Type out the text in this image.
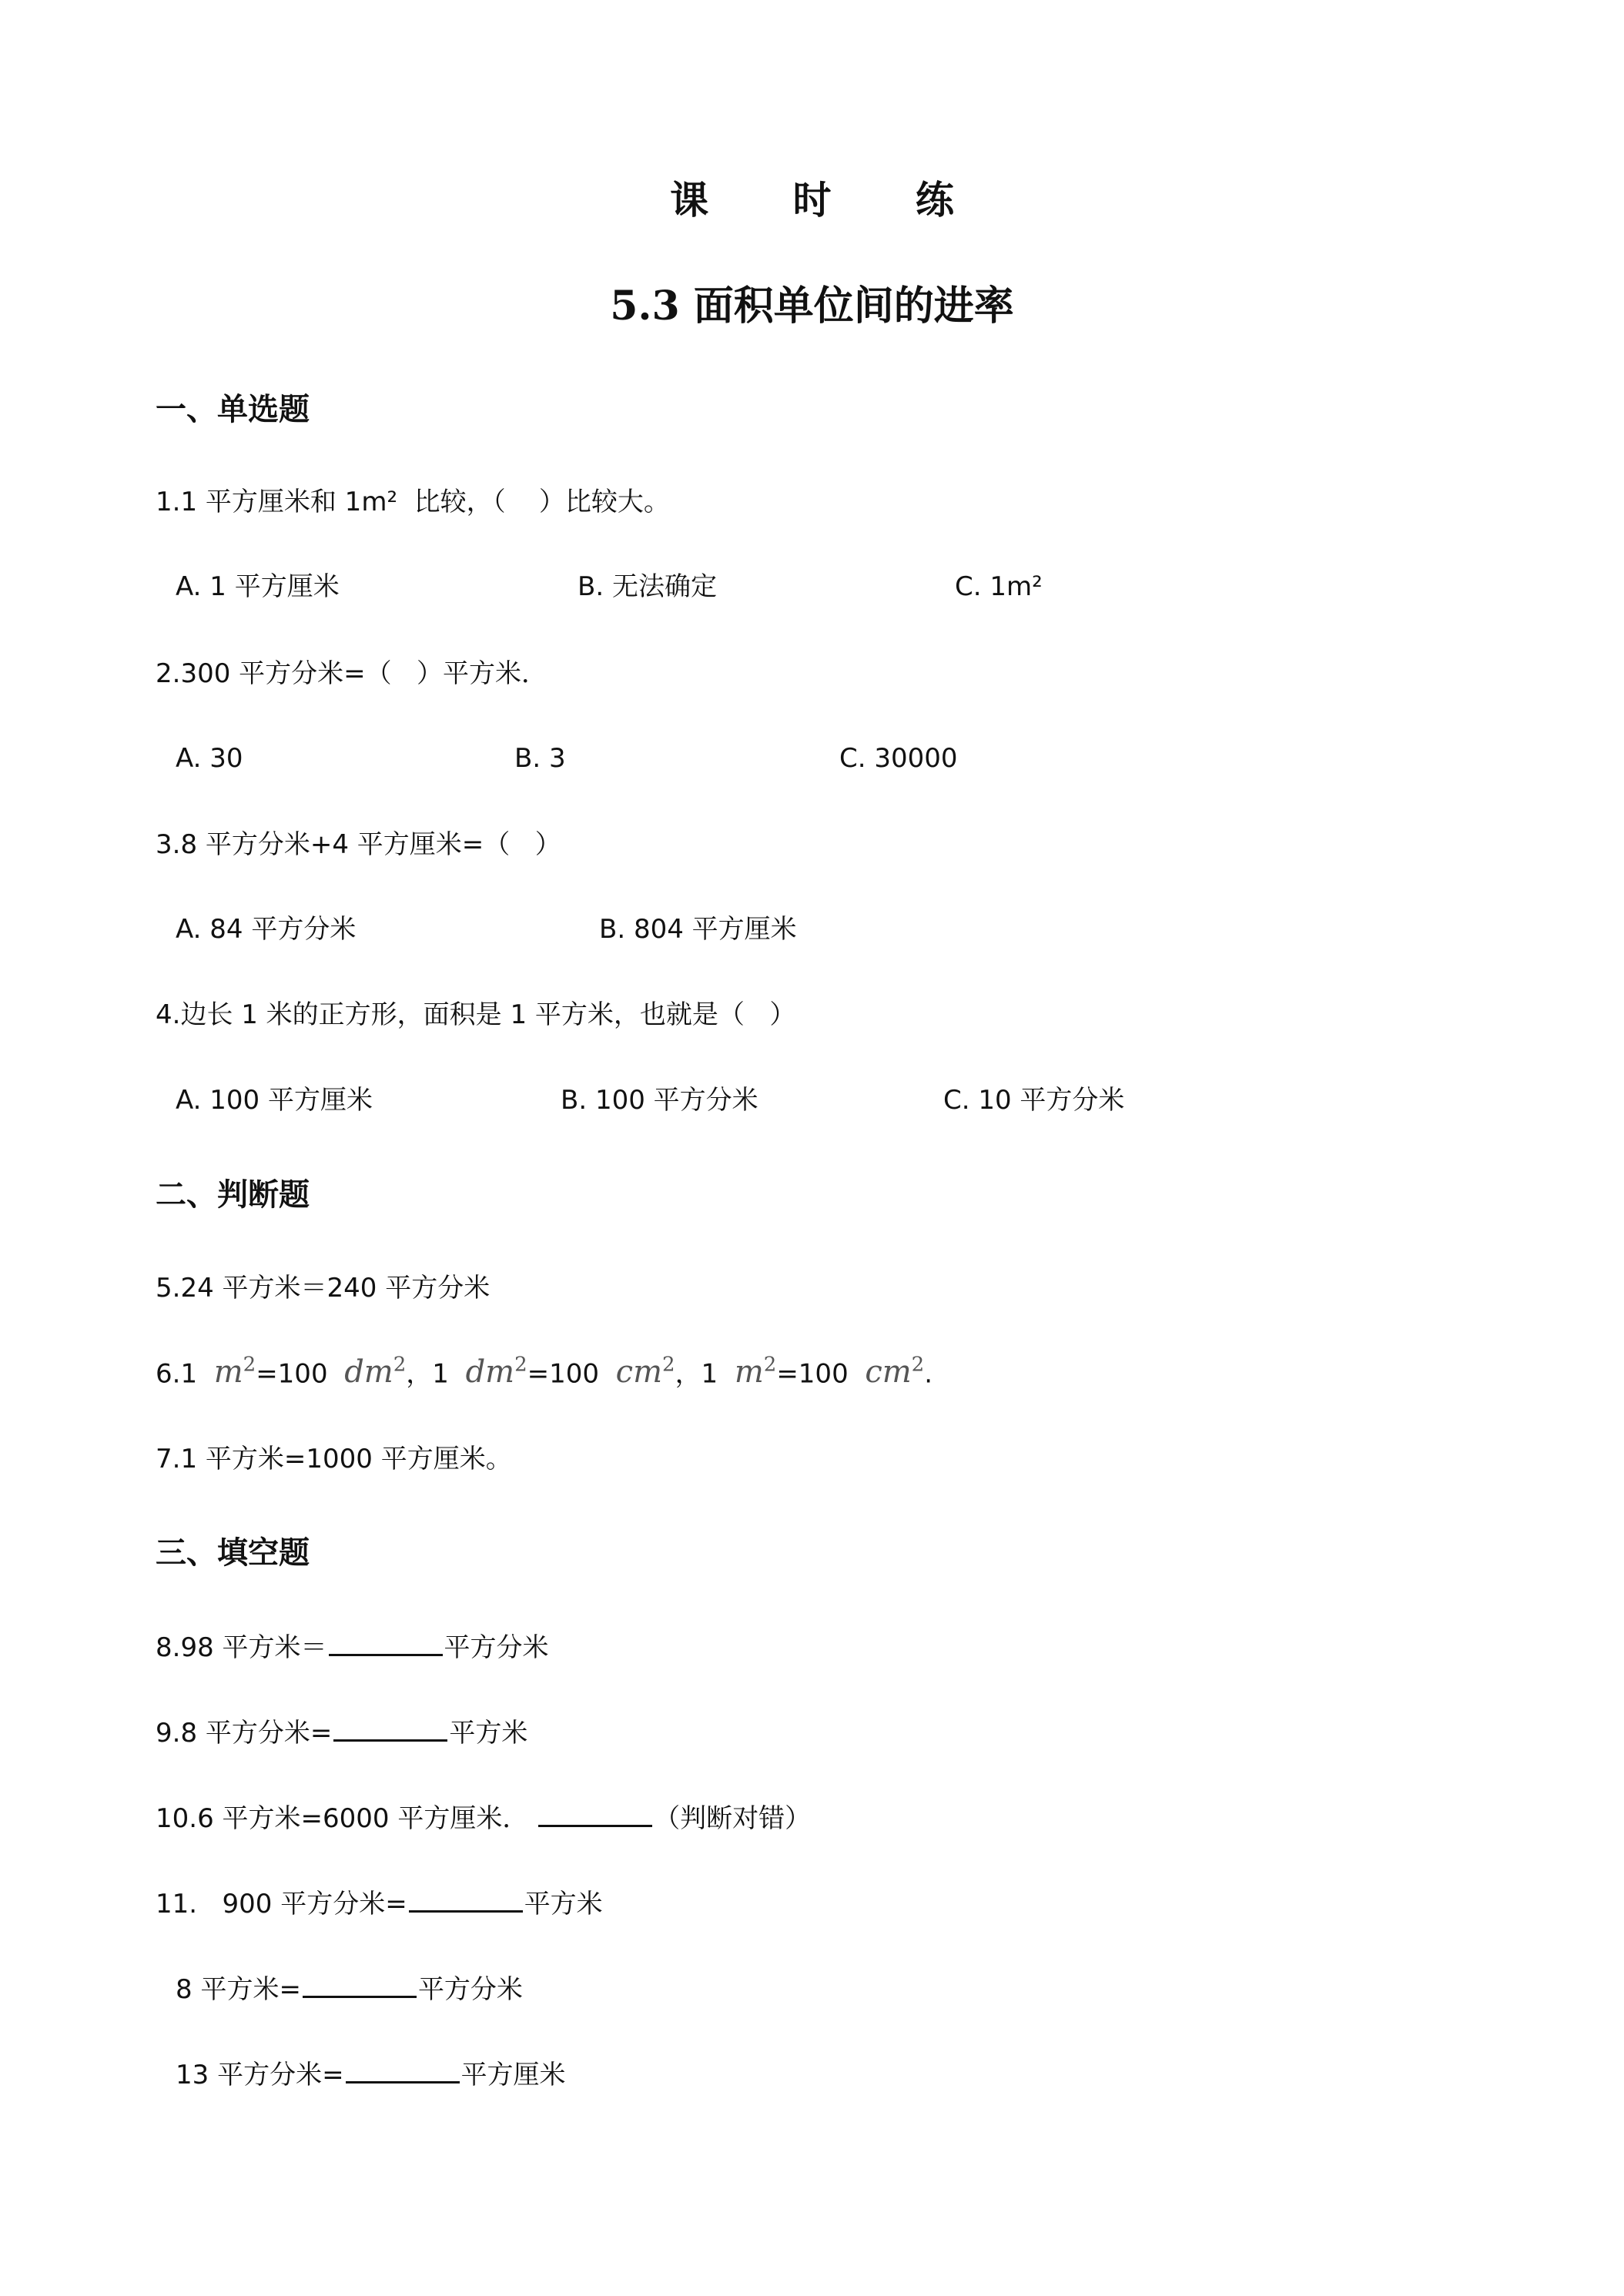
课 时 练
5.3 面积单位间的进率
一、单选题
1.1 平方厘米和 1m²  比较，（    ）比较大。
A. 1 平方厘米	B. 无法确定	C. 1m²
2.300 平方分米=（   ）平方米．
A. 30	B. 3	C. 30000
3.8 平方分米+4 平方厘米=（   ）
A. 84 平方分米	B. 804 平方厘米
4.边长 1 米的正方形，面积是 1 平方米，也就是（   ）
A. 100 平方厘米	B. 100 平方分米	C. 10 平方分米
二、判断题
5.24 平方米＝240 平方分米
6.1 $m^2=100$ $dm^2$，1 $dm^2=100$ $cm^2$，1 $m^2=100$ $cm^2$.
7.1 平方米=1000 平方厘米。
三、填空题
8.98 平方米＝	平方分米
9.8 平方分米=	平方米
10.6 平方米=6000 平方厘米．	（判断对错）
11.   900 平方分米=	平方米
8 平方米=	平方分米
13 平方分米=	平方厘米
